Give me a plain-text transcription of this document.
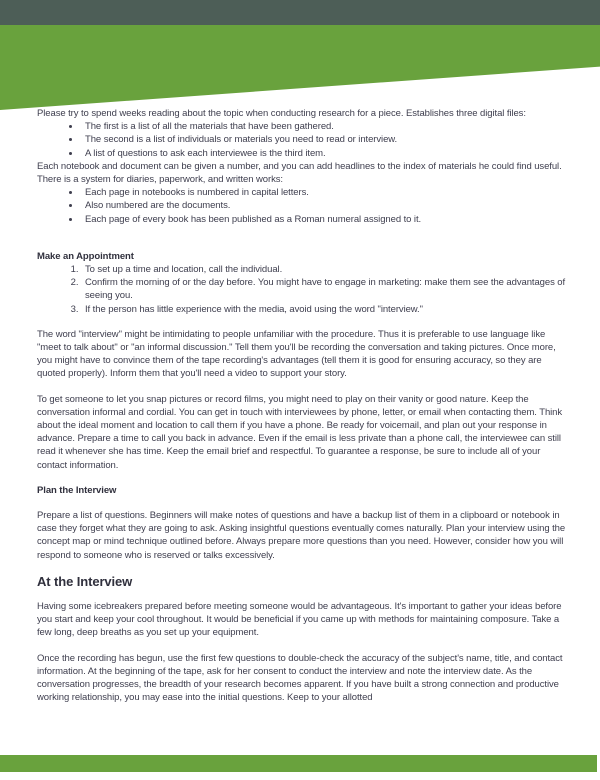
Please try to spend weeks reading about the topic when conducting research for a piece. Establishes three digital files:

• The first is a list of all the materials that have been gathered.
• The second is a list of individuals or materials you need to read or interview.
• A list of questions to ask each interviewee is the third item.

Each notebook and document can be given a number, and you can add headlines to the index of materials he could find useful. There is a system for diaries, paperwork, and written works:

• Each page in notebooks is numbered in capital letters.
• Also numbered are the documents.
• Each page of every book has been published as a Roman numeral assigned to it.
Make an Appointment
1. To set up a time and location, call the individual.
2. Confirm the morning of or the day before. You might have to engage in marketing: make them see the advantages of seeing you.
3. If the person has little experience with the media, avoid using the word "interview."

The word "interview" might be intimidating to people unfamiliar with the procedure. Thus it is preferable to use language like "meet to talk about" or "an informal discussion." Tell them you'll be recording the conversation and taking pictures. Once more, you might have to convince them of the tape recording's advantages (tell them it is good for ensuring accuracy, so they are quoted properly). Inform them that you'll need a video to support your story.

To get someone to let you snap pictures or record films, you might need to play on their vanity or good nature. Keep the conversation informal and cordial. You can get in touch with interviewees by phone, letter, or email when contacting them. Think about the ideal moment and location to call them if you have a phone. Be ready for voicemail, and plan out your response in advance. Prepare a time to call you back in advance. Even if the email is less private than a phone call, the interviewee can still read it whenever she has time. Keep the email brief and respectful. To guarantee a response, be sure to include all of your contact information.

Plan the Interview

Prepare a list of questions. Beginners will make notes of questions and have a backup list of them in a clipboard or notebook in case they forget what they are going to ask. Asking insightful questions eventually comes naturally. Plan your interview using the concept map or mind technique outlined before. Always prepare more questions than you need. However, consider how you will respond to someone who is reserved or talks excessively.

At the Interview

Having some icebreakers prepared before meeting someone would be advantageous. It's important to gather your ideas before you start and keep your cool throughout. It would be beneficial if you came up with methods for maintaining composure. Take a few long, deep breaths as you set up your equipment.

Once the recording has begun, use the first few questions to double-check the accuracy of the subject's name, title, and contact information. At the beginning of the tape, ask for her consent to conduct the interview and note the interview date. As the conversation progresses, the breadth of your research becomes apparent. If you have built a strong connection and productive working relationship, you may ease into the initial questions. Keep to your allotted
